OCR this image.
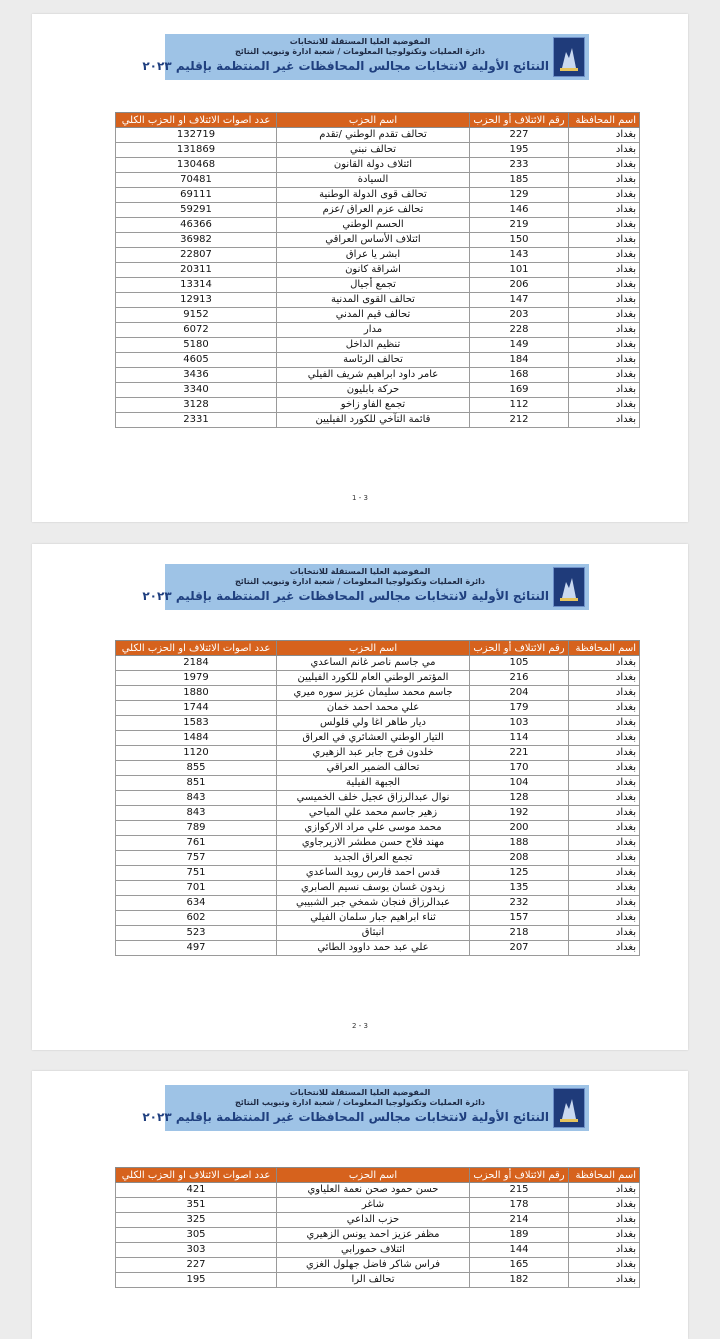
المفوضية العليا المستقلة للانتخابات
دائرة العمليات وتكنولوجيا المعلومات / شعبة ادارة وتبويب النتائج
النتائج الأولية لانتخابات مجالس المحافظات غير المنتظمة بإقليم ٢٠٢٣
اسم المحافظة	رقم الائتلاف أو الحزب	اسم الحزب	عدد اصوات الائتلاف او الحزب الكلي
بغداد	227	تحالف تقدم الوطني /تقدم	132719
بغداد	195	تحالف نبني	131869
بغداد	233	ائتلاف دولة القانون	130468
بغداد	185	السيادة	70481
بغداد	129	تحالف قوى الدولة الوطنية	69111
بغداد	146	تحالف عزم العراق /عزم	59291
بغداد	219	الحسم الوطني	46366
بغداد	150	ائتلاف الأساس العراقي	36982
بغداد	143	ابشر يا عراق	22807
بغداد	101	اشراقة كانون	20311
بغداد	206	تجمع أجيال	13314
بغداد	147	تحالف القوى المدنية	12913
بغداد	203	تحالف قيم المدني	9152
بغداد	228	مدار	6072
بغداد	149	تنظيم الداخل	5180
بغداد	184	تحالف الرئاسة	4605
بغداد	168	عامر داود ابراهيم شريف الفيلي	3436
بغداد	169	حركة بابليون	3340
بغداد	112	تجمع الفاو زاخو	3128
بغداد	212	قائمة التآخي للكورد الفيليين	2331
1 - 3
المفوضية العليا المستقلة للانتخابات
دائرة العمليات وتكنولوجيا المعلومات / شعبة ادارة وتبويب النتائج
النتائج الأولية لانتخابات مجالس المحافظات غير المنتظمة بإقليم ٢٠٢٣
اسم المحافظة	رقم الائتلاف أو الحزب	اسم الحزب	عدد اصوات الائتلاف او الحزب الكلي
بغداد	105	مي جاسم ناصر غانم الساعدي	2184
بغداد	216	المؤتمر الوطني العام للكورد الفيليين	1979
بغداد	204	جاسم محمد سليمان عزيز سوره ميري	1880
بغداد	179	علي محمد احمد خمان	1744
بغداد	103	ديار طاهر اغا ولي قلولس	1583
بغداد	114	التيار الوطني العشائري في العراق	1484
بغداد	221	خلدون فرج جابر عبد الزهيري	1120
بغداد	170	تحالف الضمير العراقي	855
بغداد	104	الجبهة الفيلية	851
بغداد	128	نوال عبدالرزاق عجيل خلف الخميسي	843
بغداد	192	زهير جاسم محمد علي المياحي	843
بغداد	200	محمد موسى علي مراد الاركوازي	789
بغداد	188	مهند فلاح حسن مطشر الازيرجاوي	761
بغداد	208	تجمع العراق الجديد	757
بغداد	125	قدس احمد فارس رويد الساعدي	751
بغداد	135	زيدون غسان يوسف نسيم الصابري	701
بغداد	232	عبدالرزاق فنجان شمخي جبر الشبيبي	634
بغداد	157	ثناء ابراهيم جبار سلمان الفيلي	602
بغداد	218	انبثاق	523
بغداد	207	علي عبد حمد داوود الطائي	497
2 - 3
المفوضية العليا المستقلة للانتخابات
دائرة العمليات وتكنولوجيا المعلومات / شعبة ادارة وتبويب النتائج
النتائج الأولية لانتخابات مجالس المحافظات غير المنتظمة بإقليم ٢٠٢٣
اسم المحافظة	رقم الائتلاف أو الحزب	اسم الحزب	عدد اصوات الائتلاف او الحزب الكلي
بغداد	215	حسن حمود صحن نعمة العلياوي	421
بغداد	178	شاغر	351
بغداد	214	حزب الداعي	325
بغداد	189	مظفر عزيز احمد يونس الزهيري	305
بغداد	144	ائتلاف حمورابي	303
بغداد	165	فراس شاكر فاضل جهلول الغزي	227
بغداد	182	تحالف الرا	195
